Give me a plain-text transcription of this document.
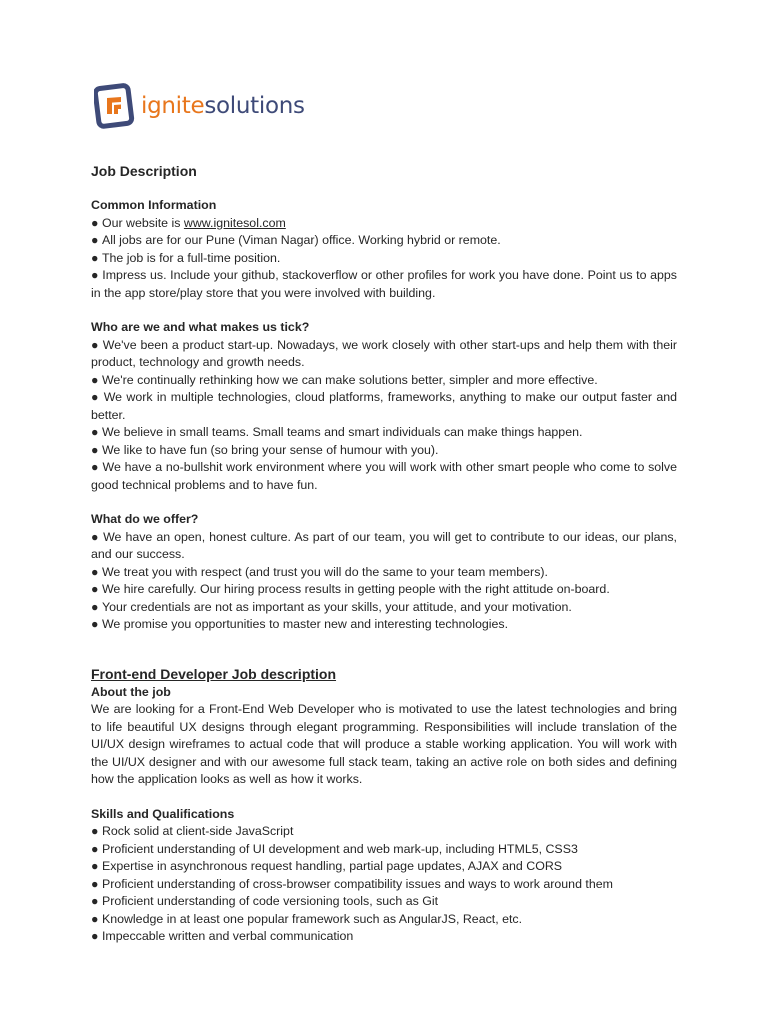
ignitesolutions
Job Description
Common Information

● Our website is www.ignitesol.com

● All jobs are for our Pune (Viman Nagar) office. Working hybrid or remote.

● The job is for a full-time position.

● Impress us. Include your github, stackoverflow or other profiles for work you have done. Point us to apps in the app store/play store that you were involved with building.

Who are we and what makes us tick?

● We've been a product start-up. Nowadays, we work closely with other start-ups and help them with their product, technology and growth needs.

● We're continually rethinking how we can make solutions better, simpler and more effective.

● We work in multiple technologies, cloud platforms, frameworks, anything to make our output faster and better.

● We believe in small teams. Small teams and smart individuals can make things happen.

● We like to have fun (so bring your sense of humour with you).

● We have a no-bullshit work environment where you will work with other smart people who come to solve good technical problems and to have fun.

What do we offer?

● We have an open, honest culture. As part of our team, you will get to contribute to our ideas, our plans, and our success.

● We treat you with respect (and trust you will do the same to your team members).

● We hire carefully. Our hiring process results in getting people with the right attitude on-board.

● Your credentials are not as important as your skills, your attitude, and your motivation.

● We promise you opportunities to master new and interesting technologies.

Front-end Developer Job description
About the job

We are looking for a Front-End Web Developer who is motivated to use the latest technologies and bring to life beautiful UX designs through elegant programming. Responsibilities will include translation of the UI/UX design wireframes to actual code that will produce a stable working application. You will work with the UI/UX designer and with our awesome full stack team, taking an active role on both sides and defining how the application looks as well as how it works.

Skills and Qualifications

● Rock solid at client-side JavaScript

● Proficient understanding of UI development and web mark-up, including HTML5, CSS3

● Expertise in asynchronous request handling, partial page updates, AJAX and CORS

● Proficient understanding of cross-browser compatibility issues and ways to work around them

● Proficient understanding of code versioning tools, such as Git

● Knowledge in at least one popular framework such as AngularJS, React, etc.

● Impeccable written and verbal communication
